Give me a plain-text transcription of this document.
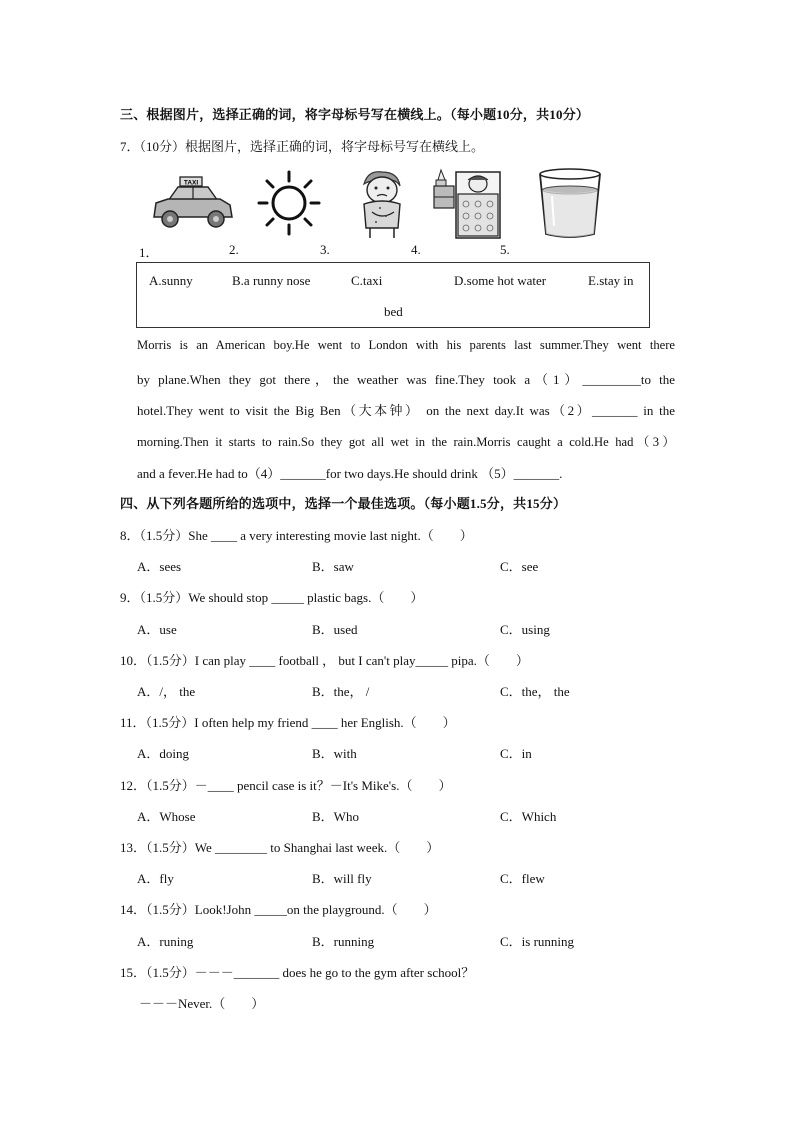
三、根据图片，选择正确的词，将字母标号写在横线上。（每小题10分，共10分）
7．（10分）根据图片，选择正确的词，将字母标号写在横线上。
TAXI
1．	2.	3.	4.	5.
A.sunny	B.a runny nose	C.taxi	D.some hot water	E.stay in
bed
Morris is an American boy.He went to London with his parents last summer.They went there
by plane.When they got there，the weather was fine.They took a（1）_________to the
hotel.They went to visit the Big Ben（大本钟） on the next day.It was（2）_______ in the
morning.Then it starts to rain.So they got all wet in the rain.Morris caught a cold.He had（3）
and a fever.He had to（4）_______for two days.He should drink （5）_______.
四、从下列各题所给的选项中，选择一个最佳选项。（每小题1.5分，共15分）
8．（1.5分）She ____ a very interesting movie last night.（　　）
A．sees	B．saw	C．see
9．（1.5分）We should stop _____ plastic bags.（　　）
A．use	B．used	C．using
10．（1.5分）I can play ____ football ， but I can't play_____ pipa.（　　）
A．/， the	B．the， /	C．the， the
11．（1.5分）I often help my friend ____ her English.（　　）
A．doing	B．with	C．in
12．（1.5分）－____ pencil case is it？－It's Mike's.（　　）
A．Whose	B．Who	C．Which
13．（1.5分）We ________ to Shanghai last week.（　　）
A．fly	B．will fly	C．flew
14．（1.5分）Look!John _____on the playground.（　　）
A．runing	B．running	C．is running
15．（1.5分）－－－_______ does he go to the gym after school？
－－－Never.（　　）
